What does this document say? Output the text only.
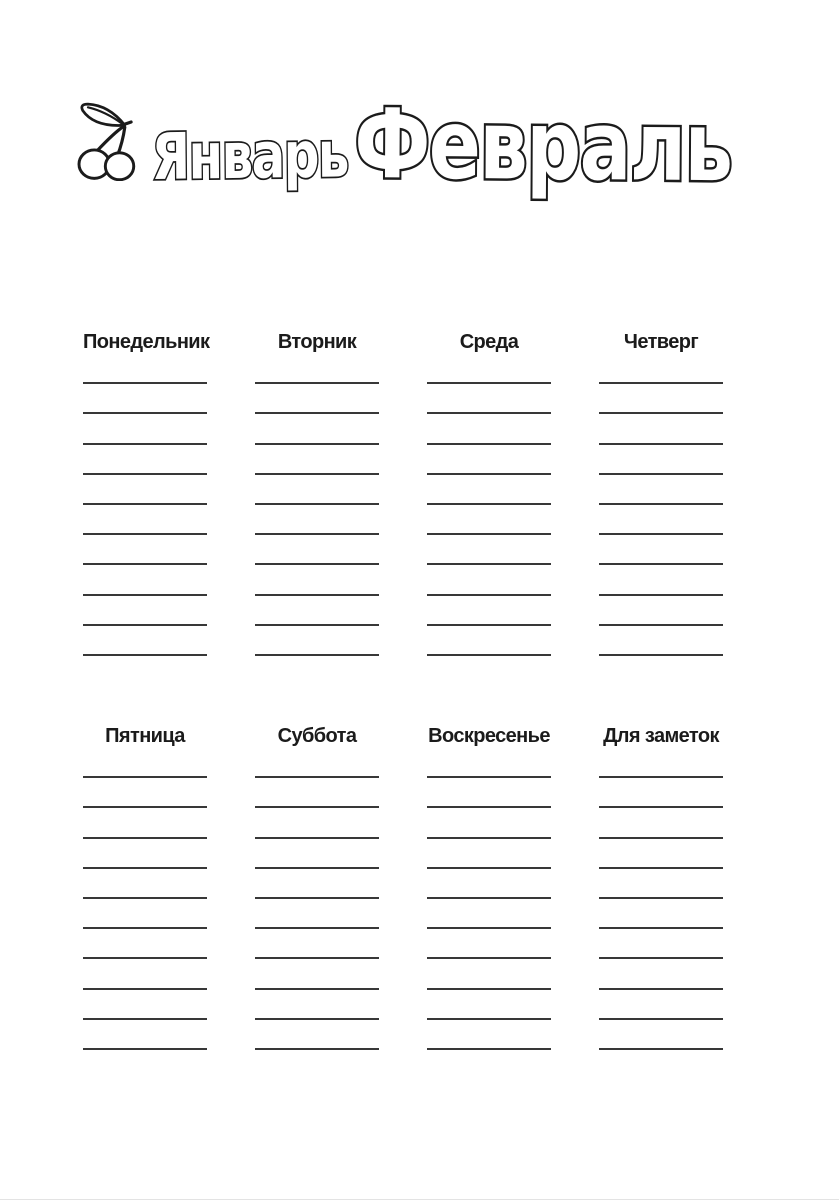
Январь Февраль
Понедельник	Вторник	Среда	Четверг
Пятница	Суббота	Воскресенье	Для заметок
